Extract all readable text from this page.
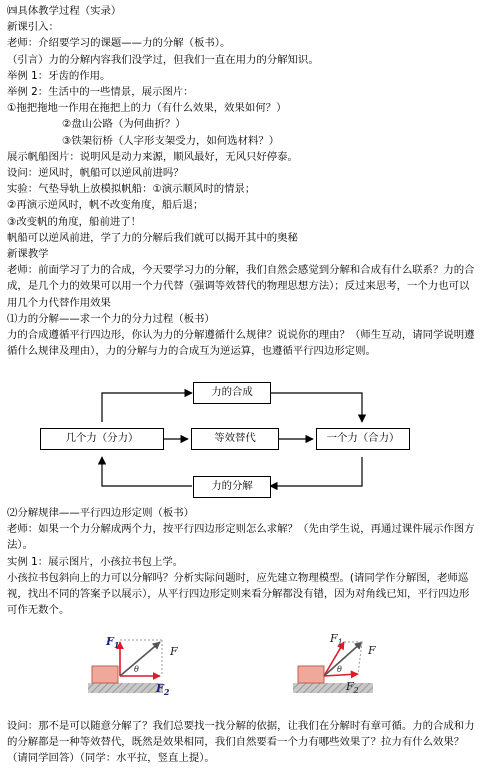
㈣具体教学过程（实录）
新课引入：
老师：介绍要学习的课题——力的分解（板书）。
（引言）力的分解内容我们没学过，但我们一直在用力的分解知识。
举例 1：牙齿的作用。
举例 2：生活中的一些情景，展示图片：
①拖把拖地一作用在拖把上的力（有什么效果，效果如何？）
②盘山公路（为何曲折？）
③铁架衍桥（人字形支架受力，如何选材料？）
展示帆船图片：说明风是动力来源，顺风最好，无风只好停泰。
设问：逆风时，帆船可以逆风前进吗？
实验：气垫导轨上放模拟帆船：①演示顺风时的情景；
②再演示逆风时，帆不改变角度，船后退；
③改变帆的角度，船前进了！
帆船可以逆风前进，学了力的分解后我们就可以揭开其中的奥秘
新课教学
老师：前面学习了力的合成，今天要学习力的分解，我们自然会感觉到分解和合成有什么联系？力的合成，是几个力的效果可以用一个力代替（强调等效替代的物理思想方法）；反过来思考，一个力也可以用几个力代替作用效果
⑴力的分解——求一个力的分力过程（板书）
力的合成遵循平行四边形，你认为力的分解遵循什么规律？说说你的理由？（师生互动，请同学说明遵循什么规律及理由），力的分解与力的合成互为逆运算，也遵循平行四边形定则。
力的合成
几个力（分力）	等效替代	一个力（合力）
力的分解
⑵分解规律——平行四边形定则（板书）
老师：如果一个力分解成两个力，按平行四边形定则怎么求解？（先由学生说，再通过课件展示作图方法）。
实例 1：展示图片，小孩拉书包上学。
小孩拉书包斜向上的力可以分解吗？分析实际问题时，应先建立物理模型。(请同学作分解图，老师巡视，找出不同的答案予以展示），从平行四边形定则来看分解都没有错，因为对角线已知，平行四边形可作无数个。
$F_1$	F
$F_2$
θ
$F_1$
F
$F_2$
θ
设问：那不是可以随意分解了？我们总要找一找分解的依据，让我们在分解时有章可循。力的合成和力的分解都是一种等效替代，既然是效果相同，我们自然要看一个力有哪些效果了？拉力有什么效果？（请同学回答）（同学：水平拉，竖直上提）。
